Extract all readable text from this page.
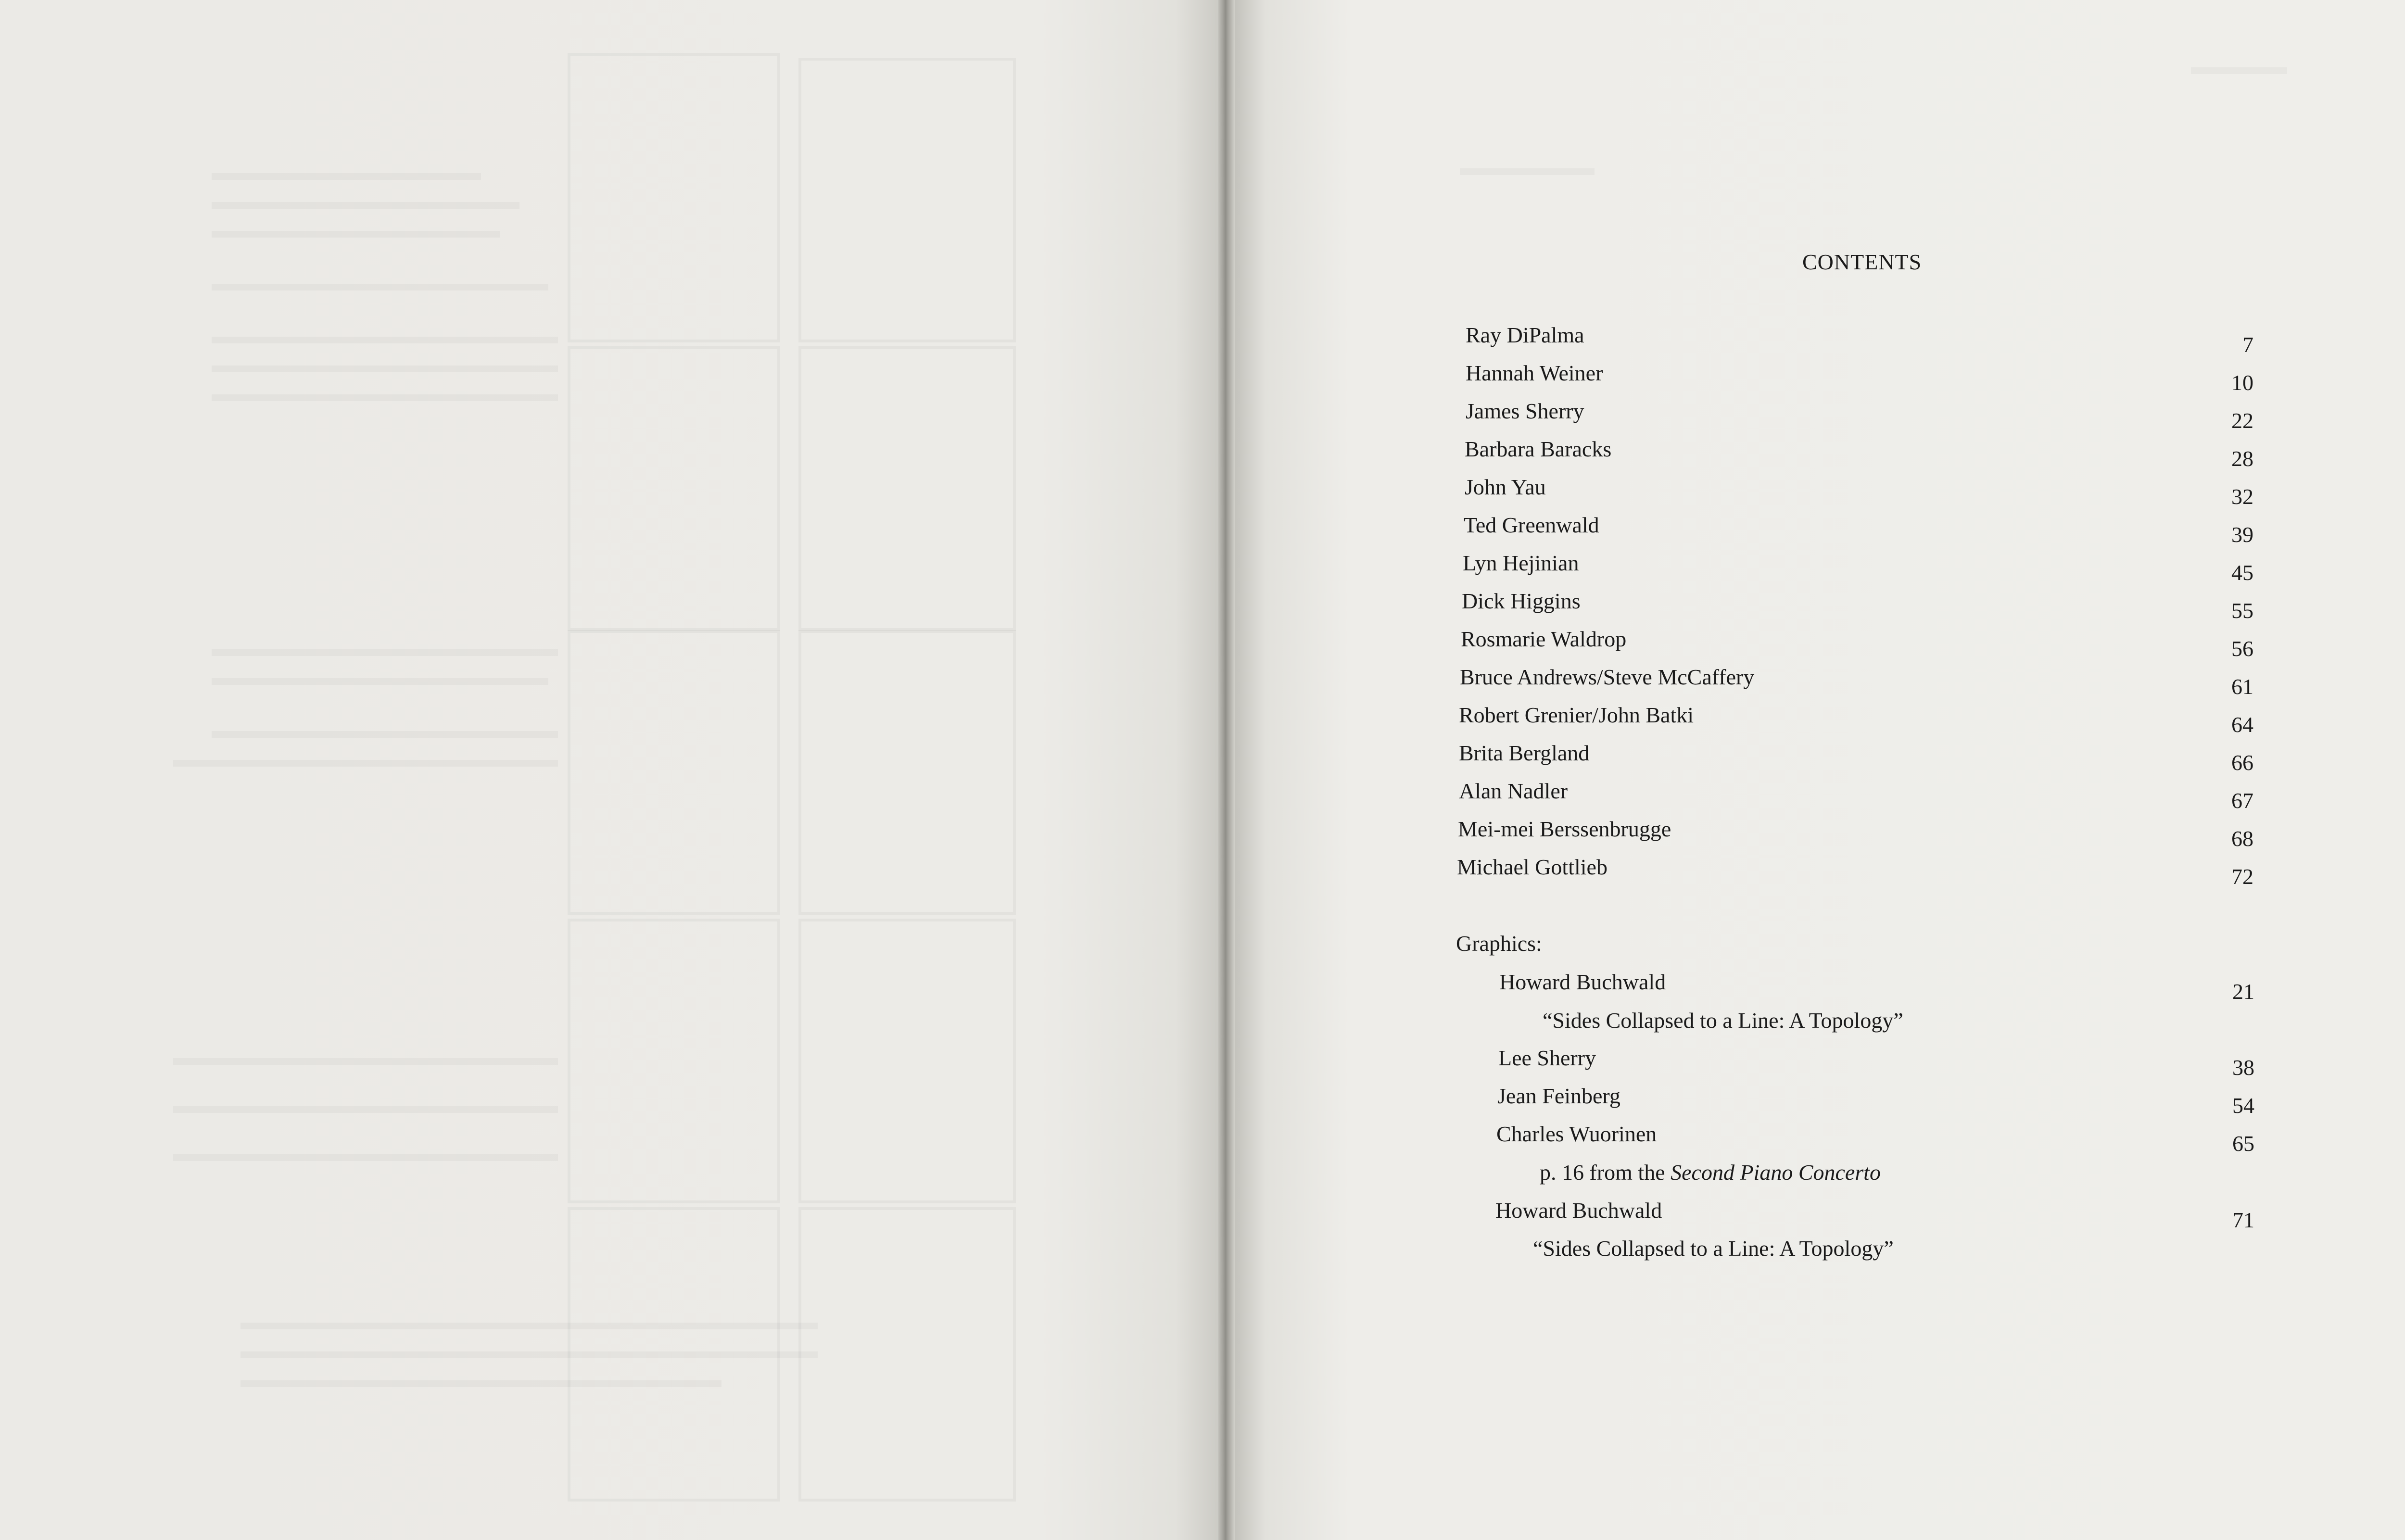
CONTENTS
Ray DiPalma	7
Hannah Weiner	10
James Sherry	22
Barbara Baracks	28
John Yau	32
Ted Greenwald	39
Lyn Hejinian	45
Dick Higgins	55
Rosmarie Waldrop	56
Bruce Andrews/Steve McCaffery	61
Robert Grenier/John Batki	64
Brita Bergland	66
Alan Nadler	67
Mei-mei Berssenbrugge	68
Michael Gottlieb	72
Graphics:
Howard Buchwald	21
“Sides Collapsed to a Line: A Topology”
Lee Sherry	38
Jean Feinberg	54
Charles Wuorinen	65
p. 16 from the Second Piano Concerto
Howard Buchwald	71
“Sides Collapsed to a Line: A Topology”
